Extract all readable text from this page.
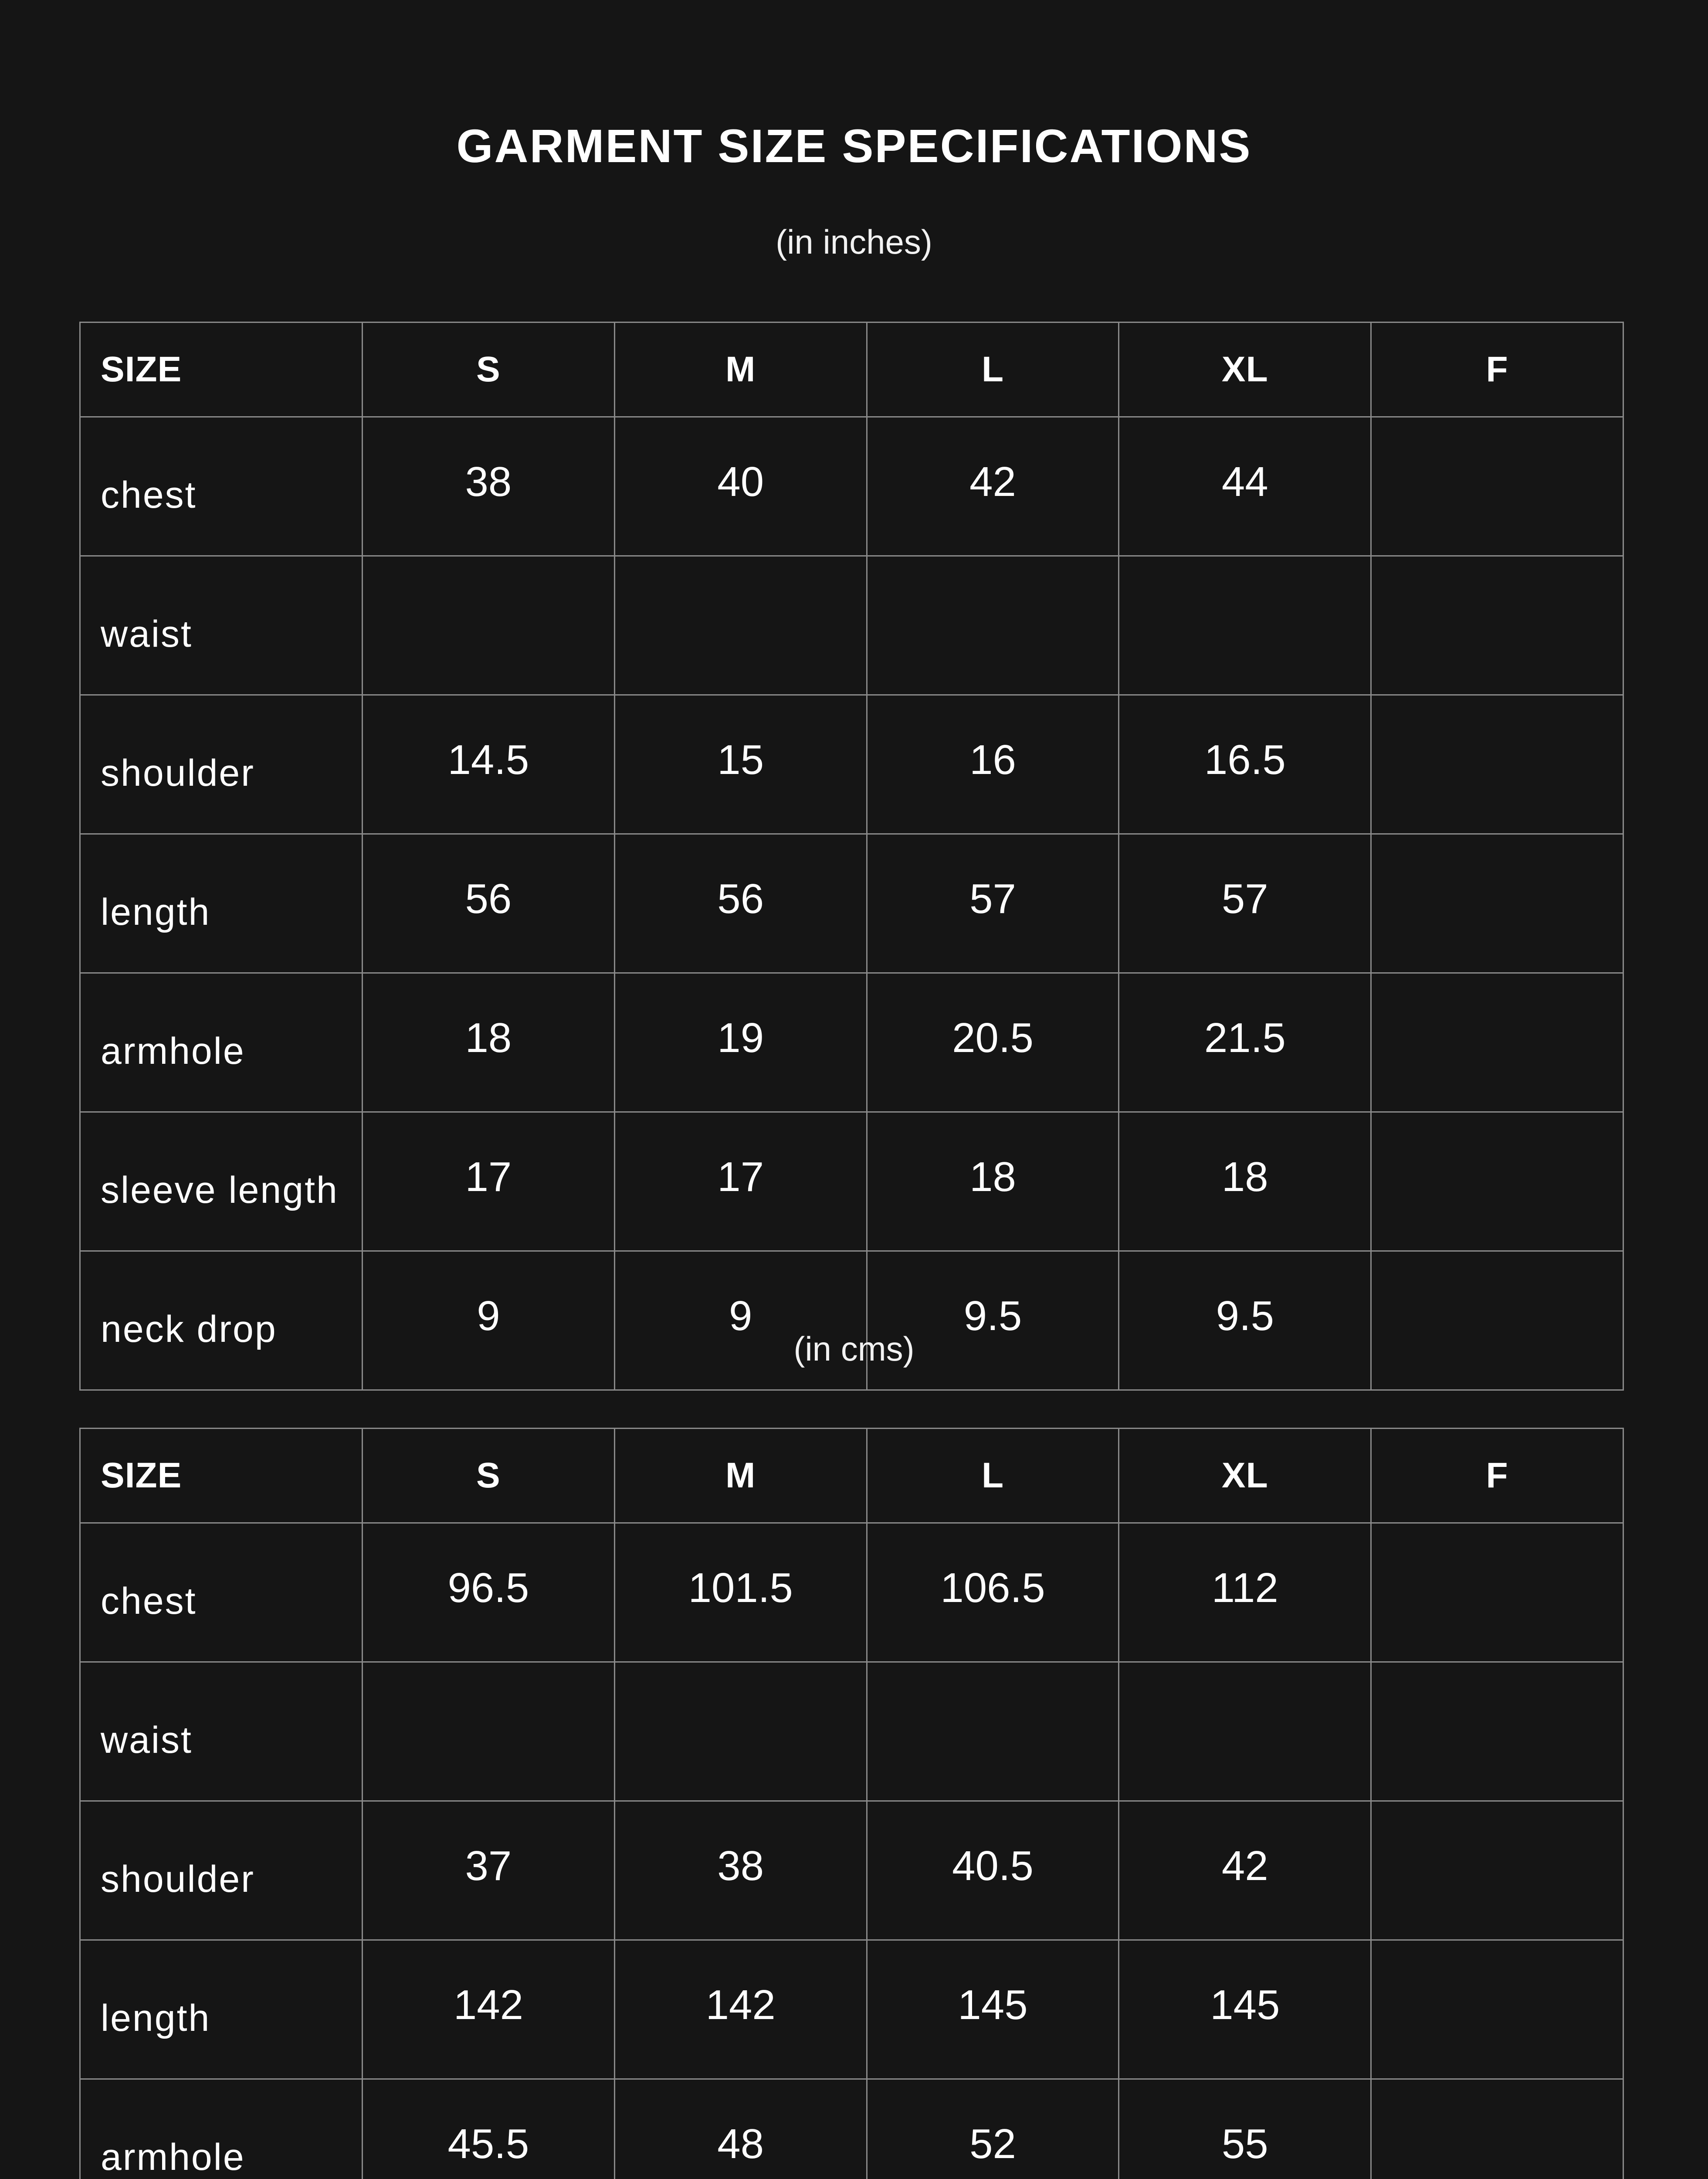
GARMENT SIZE SPECIFICATIONS
(in inches)
SIZE	S	M	L	XL	F
chest	38	40	42	44	
waist					
shoulder	14.5	15	16	16.5	
length	56	56	57	57	
armhole	18	19	20.5	21.5	
sleeve length	17	17	18	18	
neck drop	9	9	9.5	9.5	
(in cms)
SIZE	S	M	L	XL	F
chest	96.5	101.5	106.5	112	
waist					
shoulder	37	38	40.5	42	
length	142	142	145	145	
armhole	45.5	48	52	55	
